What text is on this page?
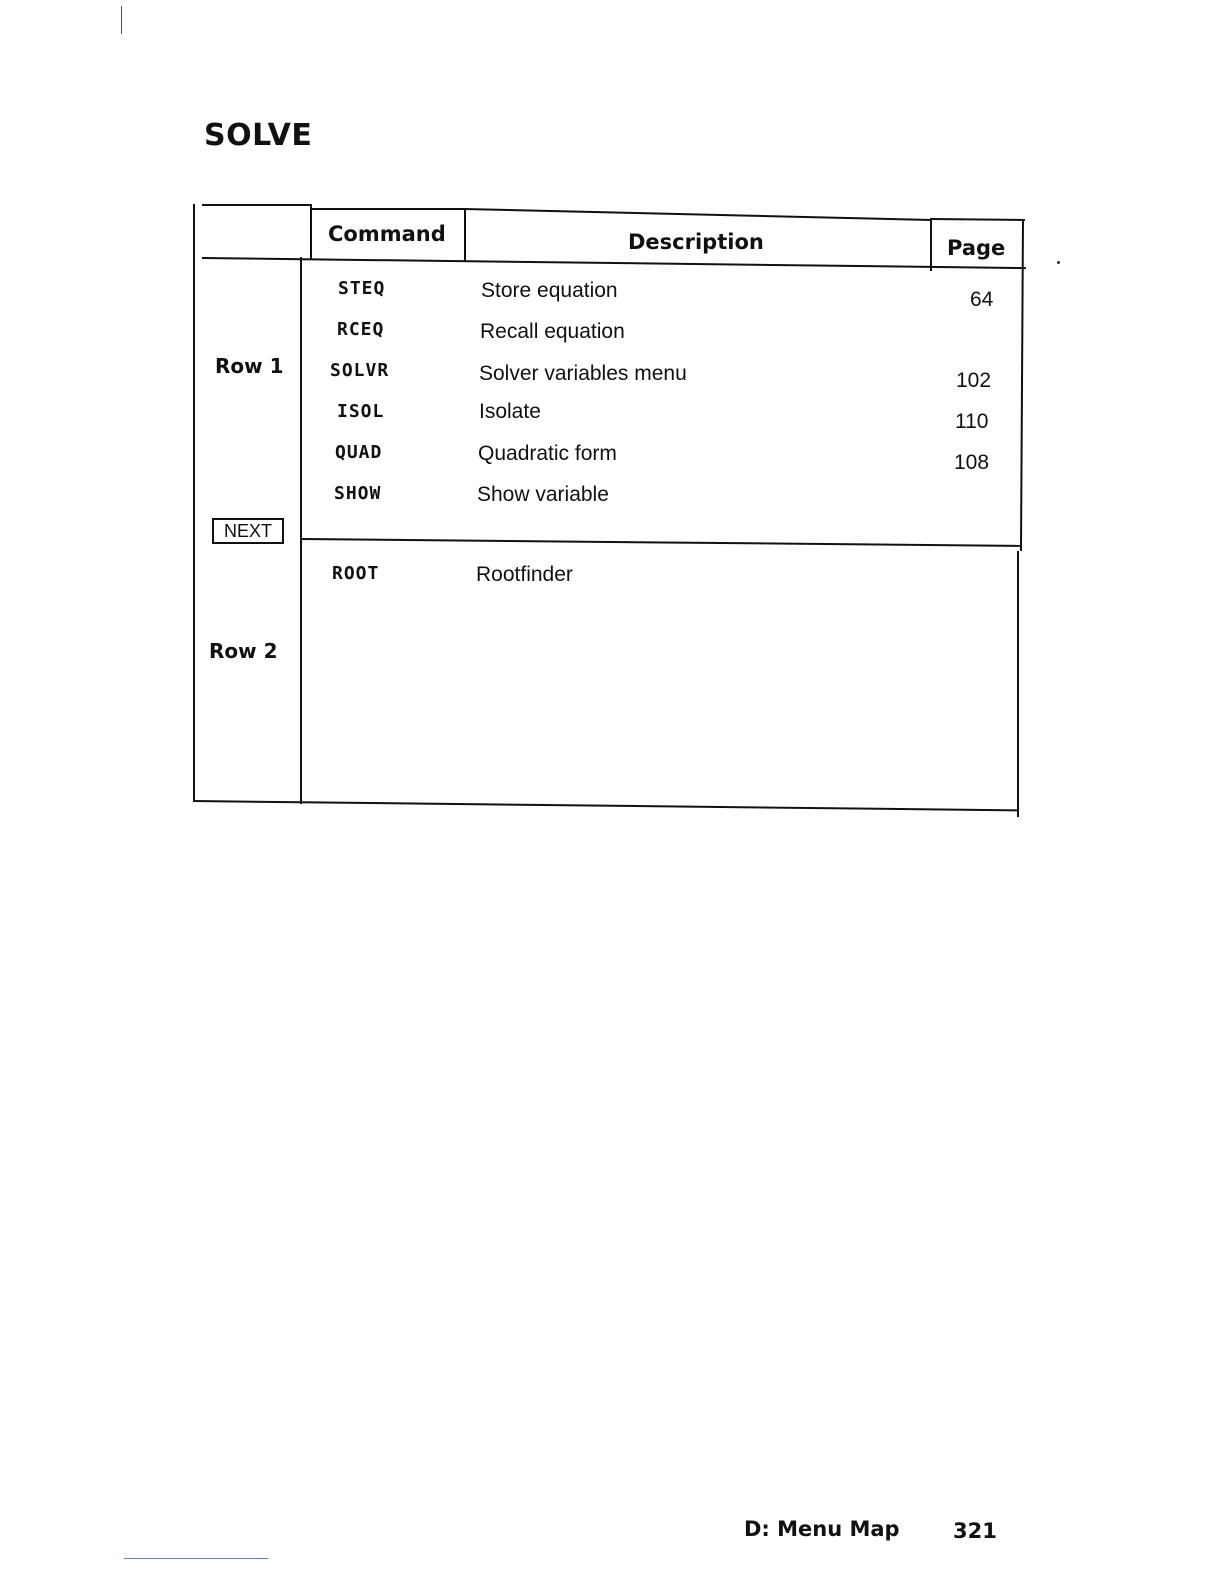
SOLVE
Command	Description	Page
Row 1
NEXT
Row 2
STEQ	Store equation	64
RCEQ	Recall equation
SOLVR	Solver variables menu	102
ISOL	Isolate	110
QUAD	Quadratic form	108
SHOW	Show variable
ROOT	Rootfinder
D: Menu Map	321
